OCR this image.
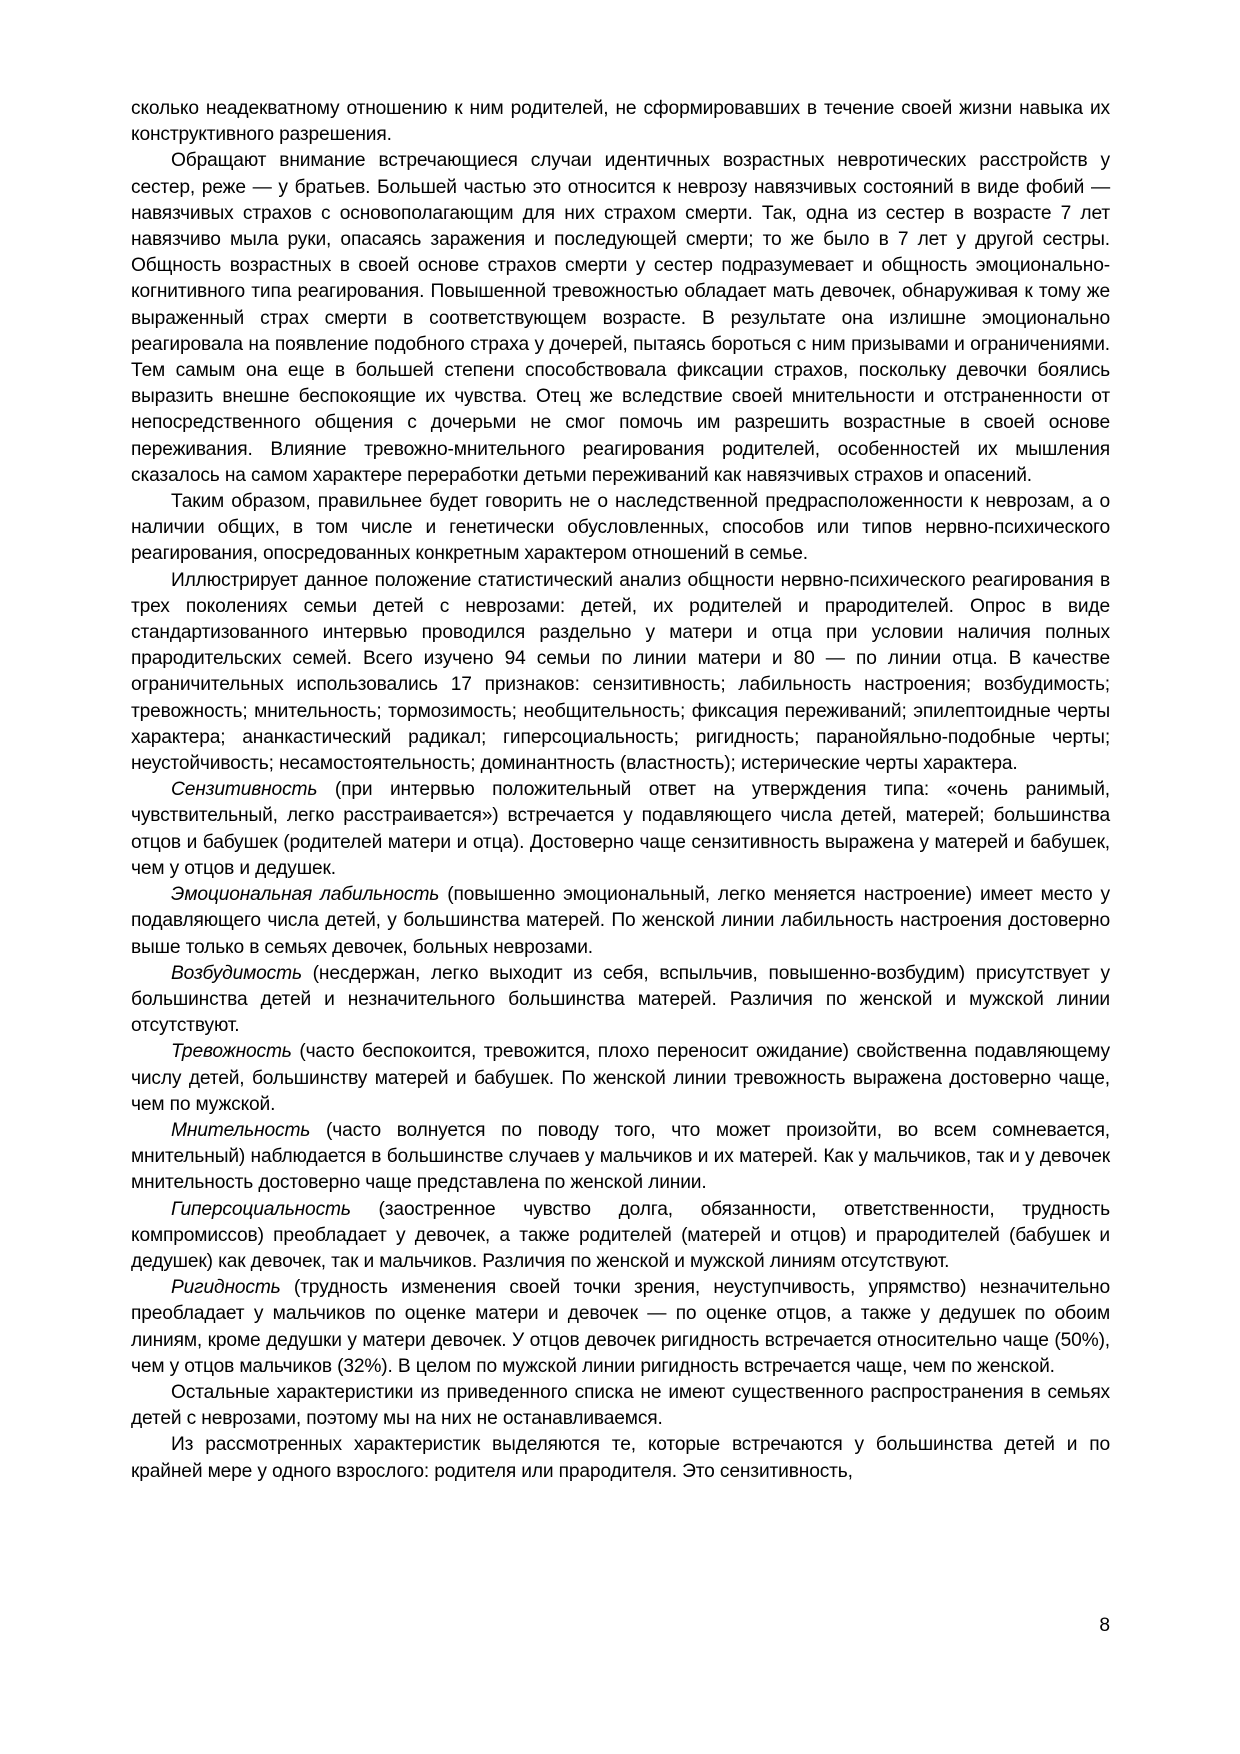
сколько неадекватному отношению к ним родителей, не сформировавших в течение своей жизни навыка их конструктивного разрешения.

Обращают внимание встречающиеся случаи идентичных возрастных невротических расстройств у сестер, реже — у братьев. Большей частью это относится к неврозу навязчивых состояний в виде фобий — навязчивых страхов с основополагающим для них страхом смерти. Так, одна из сестер в возрасте 7 лет навязчиво мыла руки, опасаясь заражения и последующей смерти; то же было в 7 лет у другой сестры. Общность возрастных в своей основе страхов смерти у сестер подразумевает и общность эмоционально-когнитивного типа реагирования. Повышенной тревожностью обладает мать девочек, обнаруживая к тому же выраженный страх смерти в соответствующем возрасте. В результате она излишне эмоционально реагировала на появление подобного страха у дочерей, пытаясь бороться с ним призывами и ограничениями. Тем самым она еще в большей степени способствовала фиксации страхов, поскольку девочки боялись выразить внешне беспокоящие их чувства. Отец же вследствие своей мнительности и отстраненности от непосредственного общения с дочерьми не смог помочь им разрешить возрастные в своей основе переживания. Влияние тревожно-мнительного реагирования родителей, особенностей их мышления сказалось на самом характере переработки детьми переживаний как навязчивых страхов и опасений.

Таким образом, правильнее будет говорить не о наследственной предрасположенности к неврозам, а о наличии общих, в том числе и генетически обусловленных, способов или типов нервно-психического реагирования, опосредованных конкретным характером отношений в семье.

Иллюстрирует данное положение статистический анализ общности нервно-психического реагирования в трех поколениях семьи детей с неврозами: детей, их родителей и прародителей. Опрос в виде стандартизованного интервью проводился раздельно у матери и отца при условии наличия полных прародительских семей. Всего изучено 94 семьи по линии матери и 80 — по линии отца. В качестве ограничительных использовались 17 признаков: сензитивность; лабильность настроения; возбудимость; тревожность; мнительность; тормозимость; необщительность; фиксация переживаний; эпилептоидные черты характера; ананкастический радикал; гиперсоциальность; ригидность; паранойяльно-подобные черты; неустойчивость; несамостоятельность; доминантность (властность); истерические черты характера.

Сензитивность (при интервью положительный ответ на утверждения типа: «очень ранимый, чувствительный, легко расстраивается») встречается у подавляющего числа детей, матерей; большинства отцов и бабушек (родителей матери и отца). Достоверно чаще сензитивность выражена у матерей и бабушек, чем у отцов и дедушек.

Эмоциональная лабильность (повышенно эмоциональный, легко меняется настроение) имеет место у подавляющего числа детей, у большинства матерей. По женской линии лабильность настроения достоверно выше только в семьях девочек, больных неврозами.

Возбудимость (несдержан, легко выходит из себя, вспыльчив, повышенно-возбудим) присутствует у большинства детей и незначительного большинства матерей. Различия по женской и мужской линии отсутствуют.

Тревожность (часто беспокоится, тревожится, плохо переносит ожидание) свойственна подавляющему числу детей, большинству матерей и бабушек. По женской линии тревожность выражена достоверно чаще, чем по мужской.

Мнительность (часто волнуется по поводу того, что может произойти, во всем сомневается, мнительный) наблюдается в большинстве случаев у мальчиков и их матерей. Как у мальчиков, так и у девочек мнительность достоверно чаще представлена по женской линии.

Гиперсоциальность (заостренное чувство долга, обязанности, ответственности, трудность компромиссов) преобладает у девочек, а также родителей (матерей и отцов) и прародителей (бабушек и дедушек) как девочек, так и мальчиков. Различия по женской и мужской линиям отсутствуют.

Ригидность (трудность изменения своей точки зрения, неуступчивость, упрямство) незначительно преобладает у мальчиков по оценке матери и девочек — по оценке отцов, а также у дедушек по обоим линиям, кроме дедушки у матери девочек. У отцов девочек ригидность встречается относительно чаще (50%), чем у отцов мальчиков (32%). В целом по мужской линии ригидность встречается чаще, чем по женской.

Остальные характеристики из приведенного списка не имеют существенного распространения в семьях детей с неврозами, поэтому мы на них не останавливаемся.

Из рассмотренных характеристик выделяются те, которые встречаются у большинства детей и по крайней мере у одного взрослого: родителя или прародителя. Это сензитивность,

8
